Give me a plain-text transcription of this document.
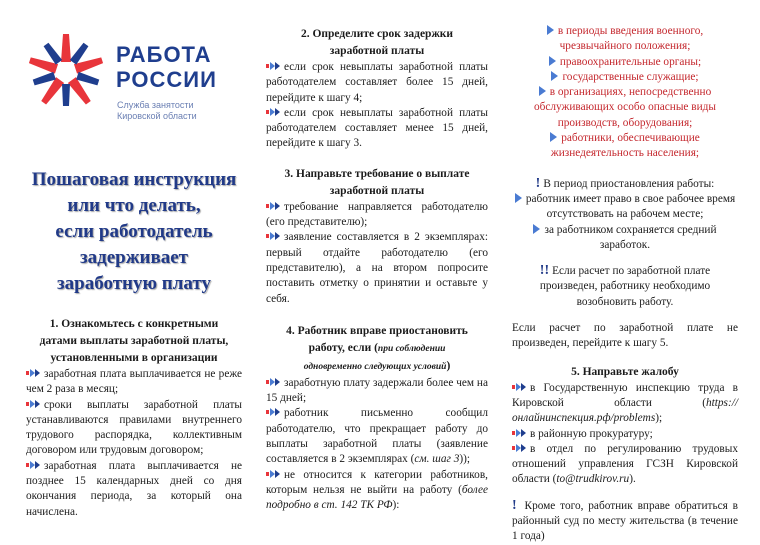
РАБОТА
РОССИИ
Служба занятости
Кировской области
Пошаговая инструкция
или что делать,
если работодатель
задерживает
заработную плату
1. Ознакомьтесь с конкретными
датами выплаты заработной платы,
установленными в организации

заработная плата выплачивается не реже чем 2 раза в месяц;

сроки выплаты заработной платы устанавливаются правилами внутреннего трудового распорядка, коллективным договором или трудовым договором;

заработная плата выплачивается не позднее 15 календарных дней со дня окончания периода, за который она начислена.

2. Определите срок задержки
заработной платы

если срок невыплаты заработной платы работодателем составляет более 15 дней, перейдите к шагу 4;

если срок невыплаты заработной платы работодателем составляет менее 15 дней, перейдите к шагу 3.

3. Направьте требование о выплате
заработной платы

требование направляется работодателю (его представителю);

заявление составляется в 2 экземплярах: первый отдайте работодателю (его представителю), а на втором попросите поставить отметку о принятии и оставьте у себя.

4. Работник вправе приостановить
работу, если (при соблюдении
одновременно следующих условий)

заработную плату задержали более чем на 15 дней;

работник письменно сообщил работодателю, что прекращает работу до выплаты заработной платы (заявление составляется в 2 экземплярах (см. шаг 3));

не относится к категории работников, которым нельзя не выйти на работу (более подробно в ст. 142 ТК РФ):

в периоды введения военного, чрезвычайного положения;

правоохранительные органы;

государственные служащие;

в организациях, непосредственно обслуживающих особо опасные виды производств, оборудования;

работники, обеспечивающие жизнедеятельность населения;

! В период приостановления работы:

работник имеет право в свое рабочее время отсутствовать на рабочем месте;

за работником сохраняется средний заработок.

!! Если расчет по заработной плате произведен, работнику необходимо возобновить работу.

Если расчет по заработной плате не произведен, перейдите к шагу 5.

5. Направьте жалобу

в Государственную инспекцию труда в Кировской области (https://онлайнинспекция.рф/problems);

в районную прокуратуру;

в отдел по регулированию трудовых отношений управления ГСЗН Кировской области (to@trudkirov.ru).

! Кроме того, работник вправе обратиться в районный суд по месту жительства (в течение 1 года)
